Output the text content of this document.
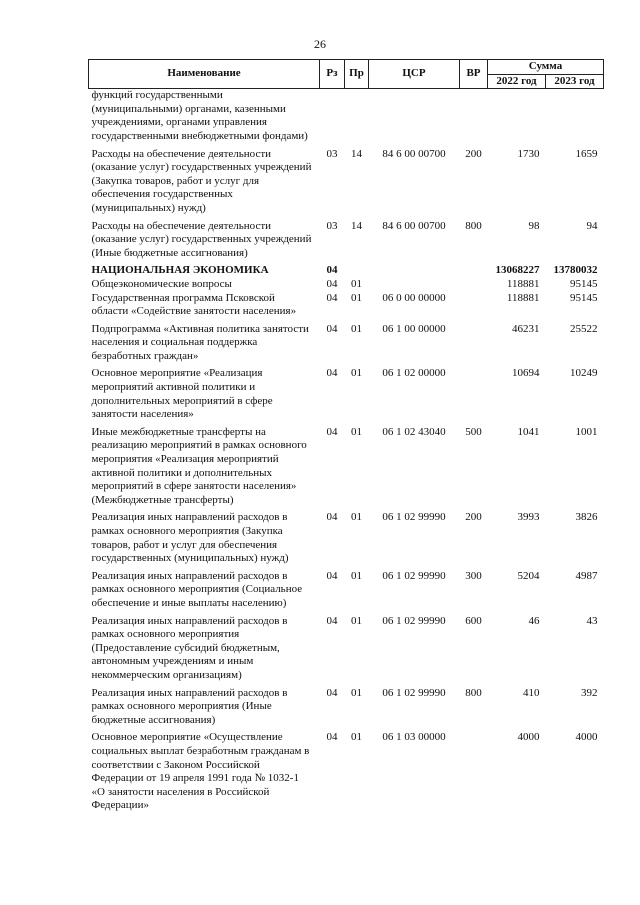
26
Наименование	Рз	Пр	ЦСР	ВР	Сумма	
					2022 год	2023 год
функций государственными (муниципальными) органами, казенными учреждениями, органами управления государственными внебюджетными фондами)						
Расходы на обеспечение деятельности (оказание услуг) государственных учреждений (Закупка товаров, работ и услуг для обеспечения государственных (муниципальных) нужд)	03	14	84 6 00 00700	200	1730	1659
Расходы на обеспечение деятельности (оказание услуг) государственных учреждений (Иные бюджетные ассигнования)	03	14	84 6 00 00700	800	98	94
НАЦИОНАЛЬНАЯ ЭКОНОМИКА	04				13068227	13780032
Общеэкономические вопросы	04	01			118881	95145
Государственная программа Псковской области «Содействие занятости населения»	04	01	06 0 00 00000		118881	95145
Подпрограмма «Активная политика занятости населения и социальная поддержка безработных граждан»	04	01	06 1 00 00000		46231	25522
Основное мероприятие «Реализация мероприятий активной политики и дополнительных мероприятий в сфере занятости населения»	04	01	06 1 02 00000		10694	10249
Иные межбюджетные трансферты на реализацию мероприятий в рамках основного мероприятия «Реализация мероприятий активной политики и дополнительных мероприятий в сфере занятости населения» (Межбюджетные трансферты)	04	01	06 1 02 43040	500	1041	1001
Реализация иных направлений расходов в рамках основного мероприятия (Закупка товаров, работ и услуг для обеспечения государственных (муниципальных) нужд)	04	01	06 1 02 99990	200	3993	3826
Реализация иных направлений расходов в рамках основного мероприятия (Социальное обеспечение и иные выплаты населению)	04	01	06 1 02 99990	300	5204	4987
Реализация иных направлений расходов в рамках основного мероприятия (Предоставление субсидий бюджетным, автономным учреждениям и иным некоммерческим организациям)	04	01	06 1 02 99990	600	46	43
Реализация иных направлений расходов в рамках основного мероприятия (Иные бюджетные ассигнования)	04	01	06 1 02 99990	800	410	392
Основное мероприятие «Осуществление социальных выплат безработным гражданам в соответствии с Законом Российской Федерации от 19 апреля 1991 года № 1032-1 «О занятости населения в Российской Федерации»	04	01	06 1 03 00000		4000	4000
